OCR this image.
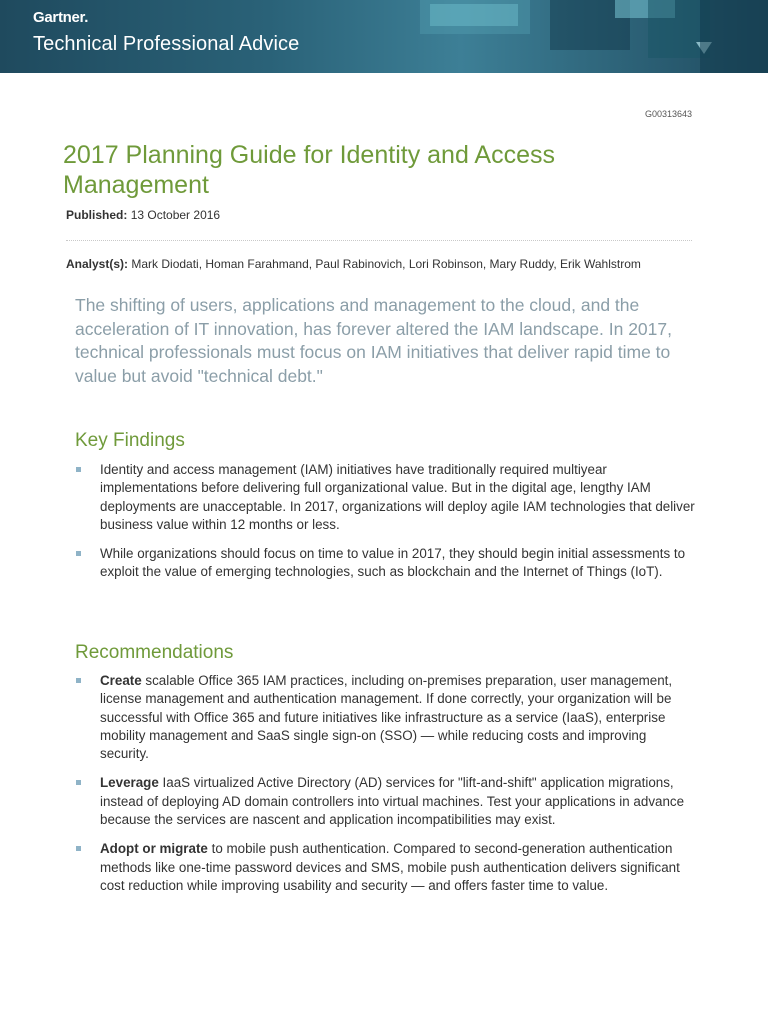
Gartner.
Technical Professional Advice
G00313643
2017 Planning Guide for Identity and Access Management
Published: 13 October 2016
Analyst(s): Mark Diodati, Homan Farahmand, Paul Rabinovich, Lori Robinson, Mary Ruddy, Erik Wahlstrom

The shifting of users, applications and management to the cloud, and the acceleration of IT innovation, has forever altered the IAM landscape. In 2017, technical professionals must focus on IAM initiatives that deliver rapid time to value but avoid "technical debt."

Key Findings
Identity and access management (IAM) initiatives have traditionally required multiyear implementations before delivering full organizational value. But in the digital age, lengthy IAM deployments are unacceptable. In 2017, organizations will deploy agile IAM technologies that deliver business value within 12 months or less.
While organizations should focus on time to value in 2017, they should begin initial assessments to exploit the value of emerging technologies, such as blockchain and the Internet of Things (IoT).
Recommendations
Create scalable Office 365 IAM practices, including on-premises preparation, user management, license management and authentication management. If done correctly, your organization will be successful with Office 365 and future initiatives like infrastructure as a service (IaaS), enterprise mobility management and SaaS single sign-on (SSO) — while reducing costs and improving security.
Leverage IaaS virtualized Active Directory (AD) services for "lift-and-shift" application migrations, instead of deploying AD domain controllers into virtual machines. Test your applications in advance because the services are nascent and application incompatibilities may exist.
Adopt or migrate to mobile push authentication. Compared to second-generation authentication methods like one-time password devices and SMS, mobile push authentication delivers significant cost reduction while improving usability and security — and offers faster time to value.
